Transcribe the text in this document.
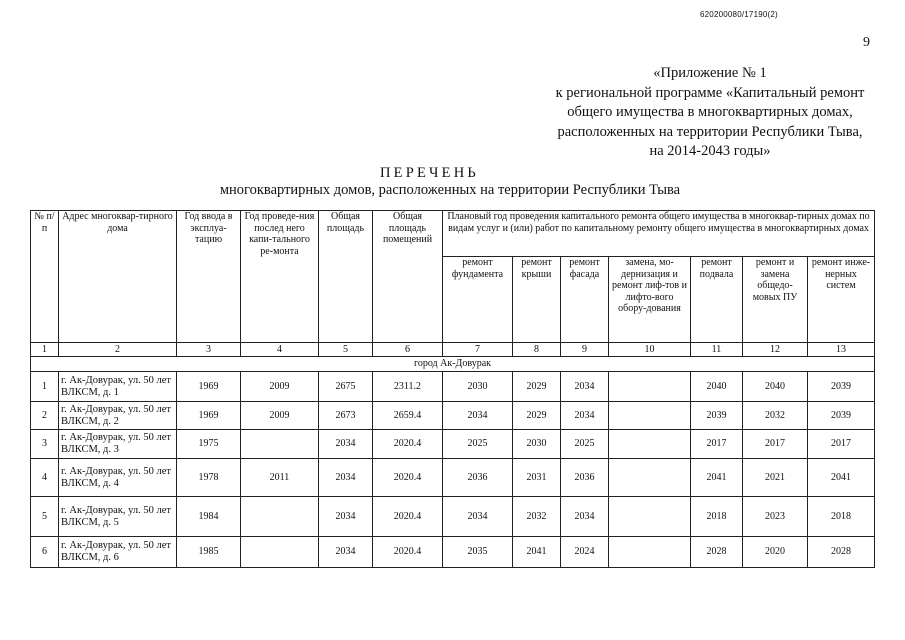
620200080/17190(2)
9
«Приложение № 1
к региональной программе «Капитальный ремонт
общего имущества в многоквартирных домах,
расположенных на территории Республики Тыва,
на 2014-2043 годы»
ПЕРЕЧЕНЬ
многоквартирных домов, расположенных на территории Республики Тыва
№ п/п	Адрес многоквар-тирного дома	Год ввода в эксплуа-тацию	Год проведе-ния послед него капи-тального ре-монта	Общая площадь	Общая площадь помещений	Плановый год проведения капитального ремонта общего имущества в многоквар-тирных домах по видам услуг и (или) работ по капитальному ремонту общего имущества в многоквартирных домах						
						ремонт фундамента	ремонт крыши	ремонт фасада	замена, мо-дернизация и ремонт лиф-тов и лифто-вого обору-дования	ремонт подвала	ремонт и замена общедо-мовых ПУ	ремонт инже-нерных систем
1	2	3	4	5	6	7	8	9	10	11	12	13
город Ак-Довурак												
1	г. Ак-Довурак, ул. 50 лет ВЛКСМ, д. 1	1969	2009	2675	2311.2	2030	2029	2034		2040	2040	2039
2	г. Ак-Довурак, ул. 50 лет ВЛКСМ, д. 2	1969	2009	2673	2659.4	2034	2029	2034		2039	2032	2039
3	г. Ак-Довурак, ул. 50 лет ВЛКСМ, д. 3	1975		2034	2020.4	2025	2030	2025		2017	2017	2017
4	г. Ак-Довурак, ул. 50 лет ВЛКСМ, д. 4	1978	2011	2034	2020.4	2036	2031	2036		2041	2021	2041
5	г. Ак-Довурак, ул. 50 лет ВЛКСМ, д. 5	1984		2034	2020.4	2034	2032	2034		2018	2023	2018
6	г. Ак-Довурак, ул. 50 лет ВЛКСМ, д. 6	1985		2034	2020.4	2035	2041	2024		2028	2020	2028
